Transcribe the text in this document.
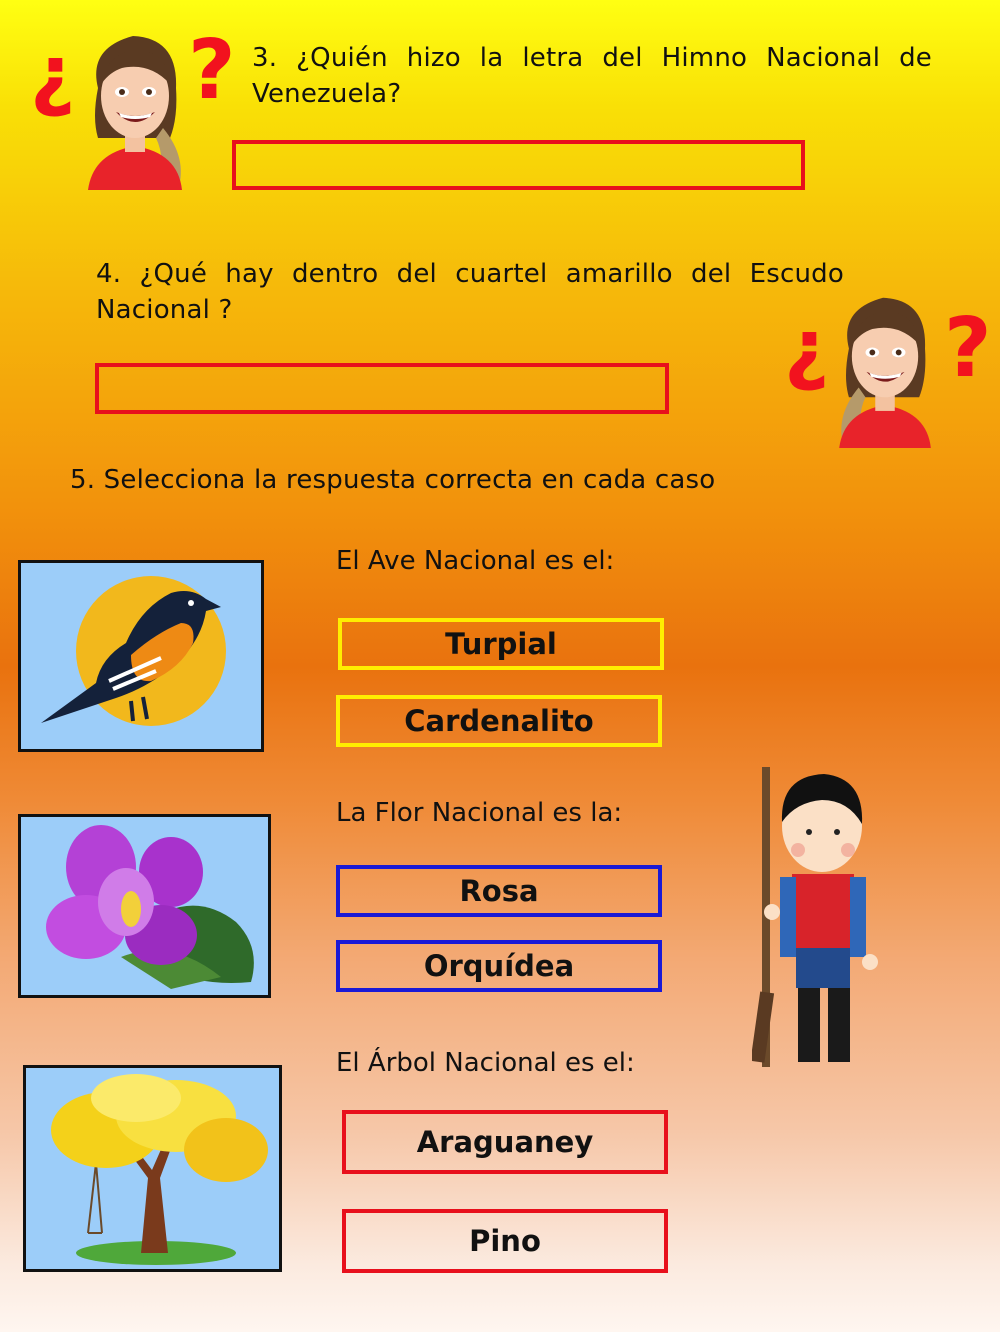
¿ ? 3. ¿Quién hizo la letra del Himno Nacional de Venezuela?
4. ¿Qué hay dentro del cuartel amarillo del Escudo Nacional ?	¿ ?
5. Selecciona la respuesta correcta en cada caso
El Ave Nacional es el:
Turpial
Cardenalito
La Flor Nacional es la:
Rosa
Orquídea
El Árbol Nacional es el:
Araguaney
Pino
